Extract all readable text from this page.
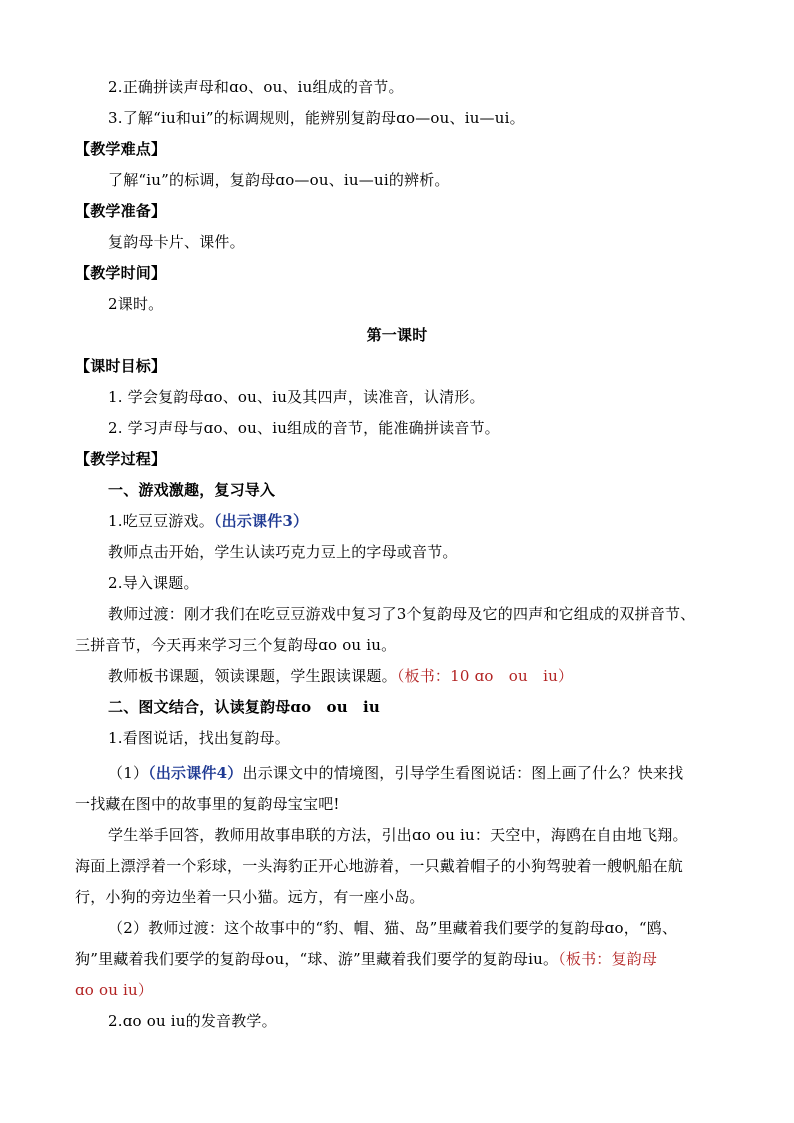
2.正确拼读声母和ɑo、ou、iu组成的音节。
3.了解“iu和ui”的标调规则，能辨别复韵母ɑo—ou、iu—ui。
【教学难点】
了解“iu”的标调，复韵母ɑo—ou、iu—ui的辨析。
【教学准备】
复韵母卡片、课件。
【教学时间】
2课时。
第一课时
【课时目标】
1. 学会复韵母ɑo、ou、iu及其四声，读准音，认清形。
2. 学习声母与ɑo、ou、iu组成的音节，能准确拼读音节。
【教学过程】
一、游戏激趣，复习导入
1.吃豆豆游戏。（出示课件3）
教师点击开始，学生认读巧克力豆上的字母或音节。
2.导入课题。
教师过渡：刚才我们在吃豆豆游戏中复习了3个复韵母及它的四声和它组成的双拼音节、
三拼音节，今天再来学习三个复韵母ɑo ou iu。
教师板书课题，领读课题，学生跟读课题。（板书：10 ɑo　ou　iu）
二、图文结合，认读复韵母ɑo　ou　iu
1.看图说话，找出复韵母。
（1）（出示课件4）出示课文中的情境图，引导学生看图说话：图上画了什么？快来找
一找藏在图中的故事里的复韵母宝宝吧!
学生举手回答，教师用故事串联的方法，引出ɑo ou iu：天空中，海鸥在自由地飞翔。
海面上漂浮着一个彩球，一头海豹正开心地游着，一只戴着帽子的小狗驾驶着一艘帆船在航
行，小狗的旁边坐着一只小猫。远方，有一座小岛。
（2）教师过渡：这个故事中的“豹、帽、猫、岛”里藏着我们要学的复韵母ɑo，“鸥、
狗”里藏着我们要学的复韵母ou，“球、游”里藏着我们要学的复韵母iu。（板书：复韵母
ɑo ou iu）
2.ɑo ou iu的发音教学。
